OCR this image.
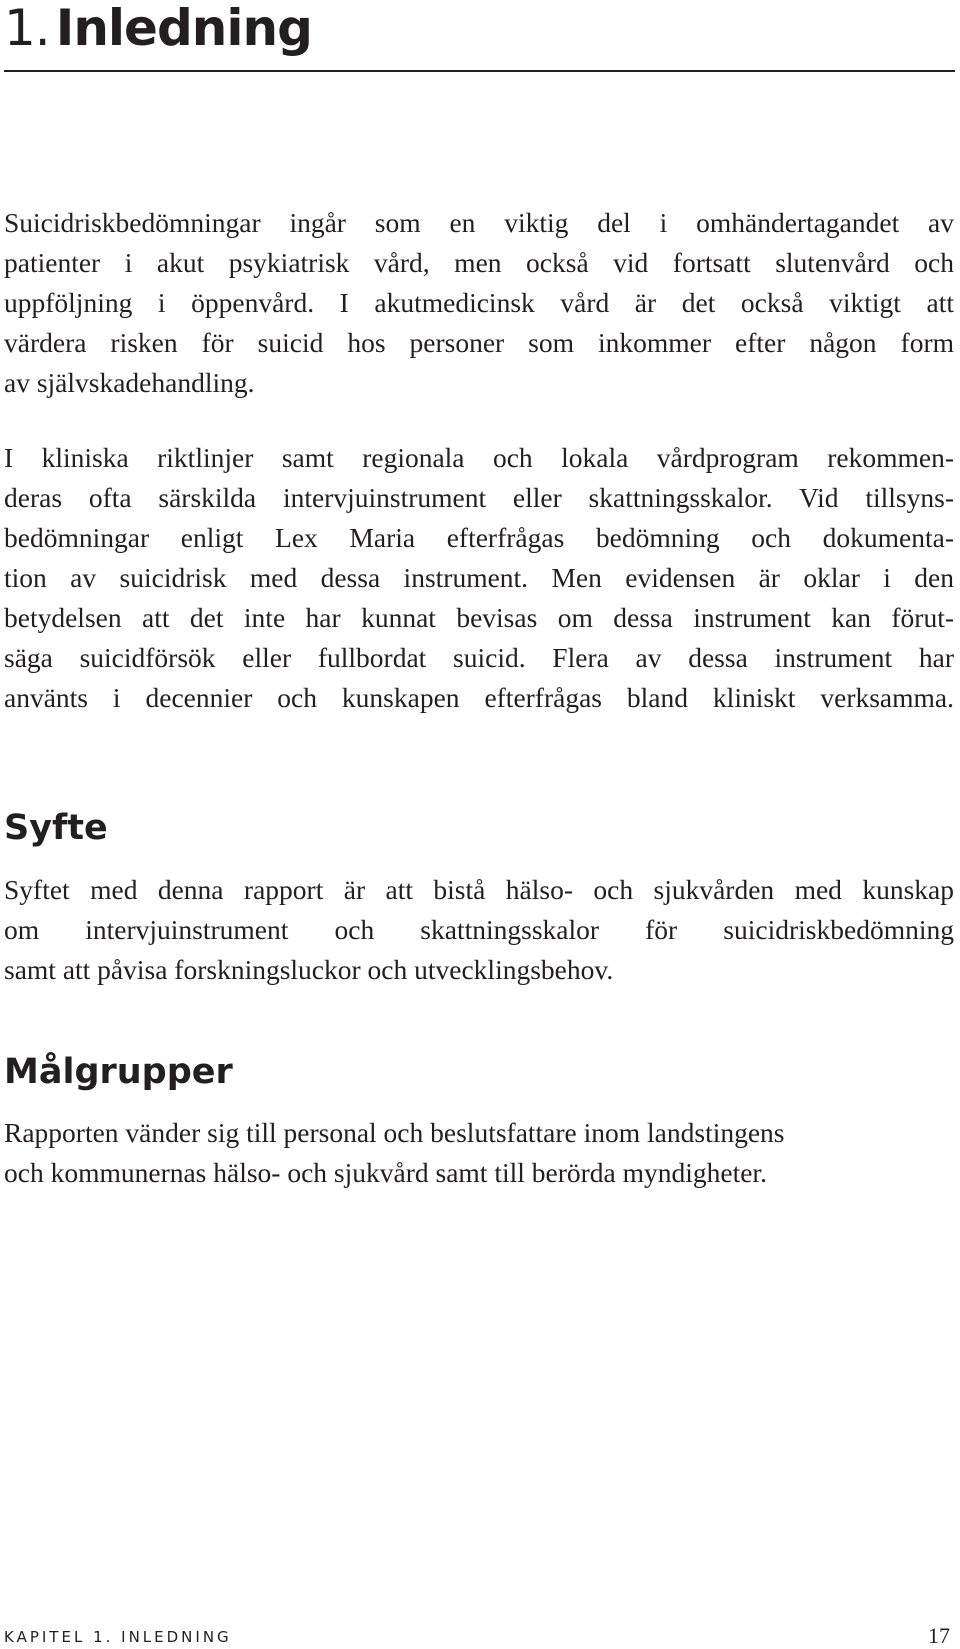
1. Inledning

Suicidriskbedömningar ingår som en viktig del i omhändertagandet av
patienter i akut psykiatrisk vård, men också vid fortsatt slutenvård och
uppföljning i öppenvård. I akutmedicinsk vård är det också viktigt att
värdera risken för suicid hos personer som inkommer efter någon form
av självskadehandling.

I kliniska riktlinjer samt regionala och lokala vårdprogram rekommen-
deras ofta särskilda intervjuinstrument eller skattningsskalor. Vid tillsyns-
bedömningar enligt Lex Maria efterfrågas bedömning och dokumenta-
tion av suicidrisk med dessa instrument. Men evidensen är oklar i den
betydelsen att det inte har kunnat bevisas om dessa instrument kan förut-
säga suicidförsök eller fullbordat suicid. Flera av dessa instrument har
använts i decennier och kunskapen efterfrågas bland kliniskt verksamma.

Syfte

Syftet med denna rapport är att bistå hälso- och sjukvården med kunskap
om intervjuinstrument och skattningsskalor för suicidriskbedömning
samt att påvisa forskningsluckor och utvecklingsbehov.

Målgrupper

Rapporten vänder sig till personal och beslutsfattare inom landstingens
och kommunernas hälso- och sjukvård samt till berörda myndigheter.

KAPITEL 1. INLEDNING	17
